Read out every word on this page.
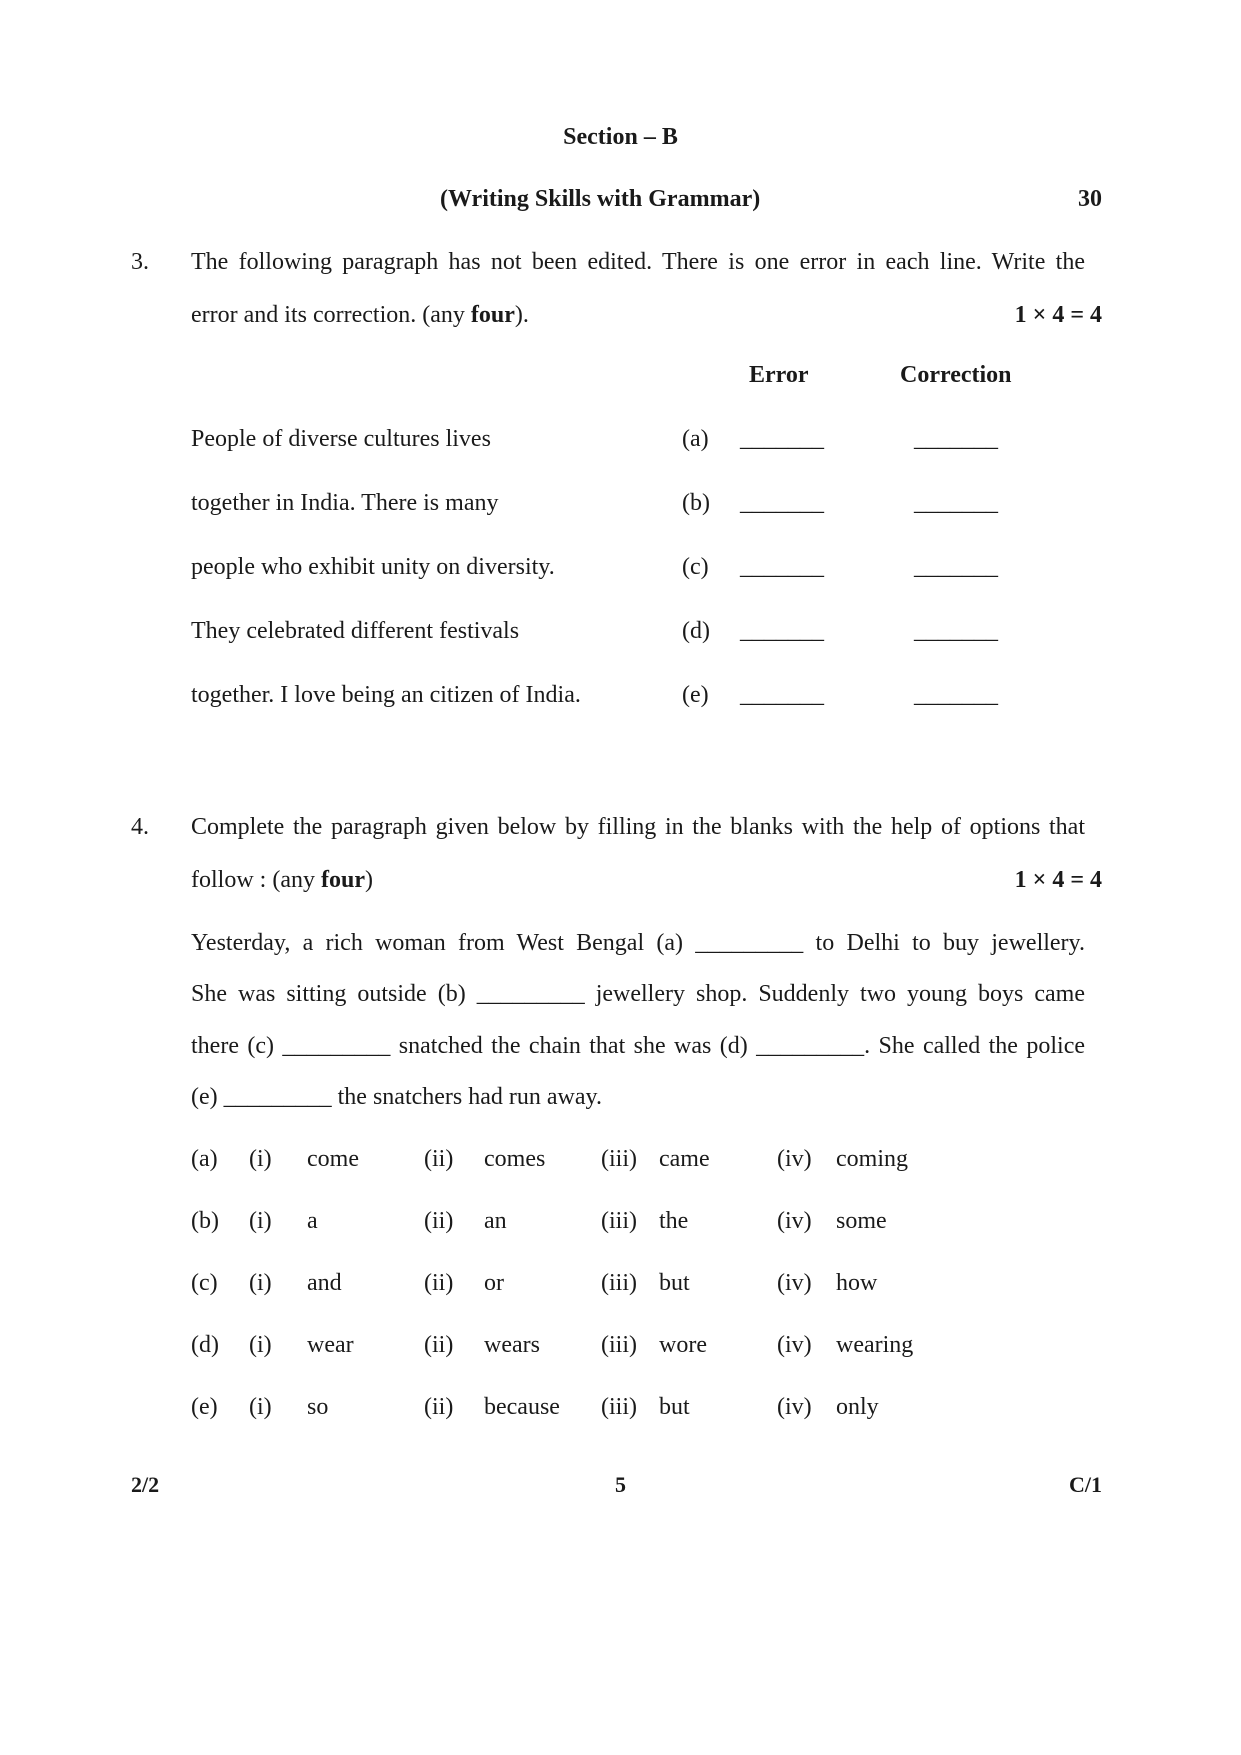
Section – B
(Writing Skills with Grammar)	30
3. The following paragraph has not been edited. There is one error in each line. Write the
error and its correction. (any four).	1 × 4 = 4
Error	Correction
People of diverse cultures lives	(a) _______	_______
together in India. There is many	(b) _______	_______
people who exhibit unity on diversity.	(c) _______	_______
They celebrated different festivals	(d) _______	_______
together. I love being an citizen of India.	(e) _______	_______
4. Complete the paragraph given below by filling in the blanks with the help of options that
follow : (any four)	1 × 4 = 4
Yesterday, a rich woman from West Bengal (a) _________ to Delhi to buy jewellery.
She was sitting outside (b) _________ jewellery shop. Suddenly two young boys came
there (c) _________ snatched the chain that she was (d) _________. She called the police
(e) _________ the snatchers had run away.
(a) (i) come	(ii) comes (iii) came	(iv) coming
(b) (i) a	(ii) an	(iii) the	(iv) some
(c) (i) and	(ii) or	(iii) but	(iv) how
(d) (i) wear	(ii) wears	(iii) wore	(iv) wearing
(e) (i) so	(ii) because (iii) but	(iv) only
2/2	5	C/1
